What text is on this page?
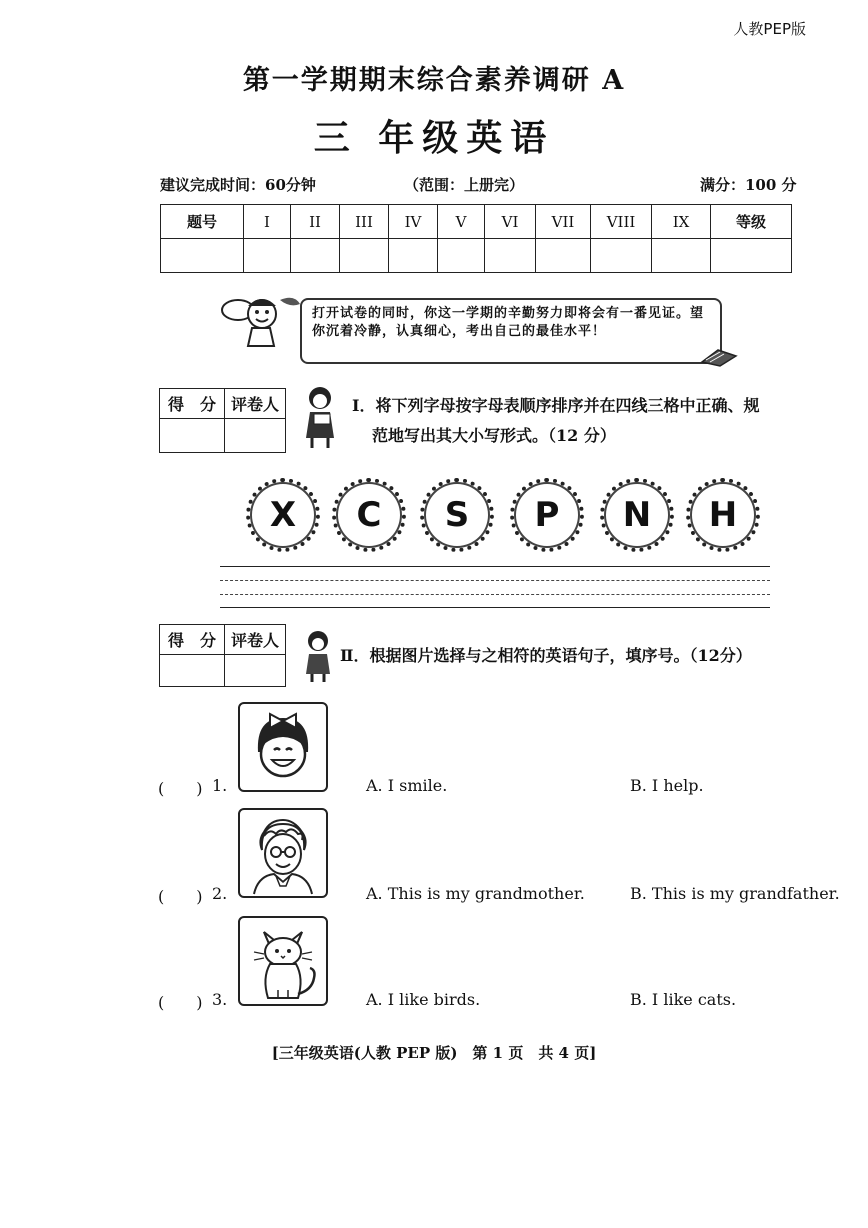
人教PEP版
第一学期期末综合素养调研 A
三 年级英语
建议完成时间：60分钟	（范围：上册完）	满分：100 分
题号	I	II	III	IV	V	VI	VII	VIII	IX	等级

打开试卷的同时，你这一学期的辛勤努力即将会有一番见证。望你沉着冷静，认真细心，考出自己的最佳水平！
得　分	评卷人
		Ⅰ．将下列字母按字母表顺序排序并在四线三格中正确、规
范地写出其大小写形式。（12 分）
X C S P N H
得　分	评卷人

Ⅱ．根据图片选择与之相符的英语句子，填序号。（12分）
(　　) 1.	A. I smile.	B. I help.
(　　) 2.	A. This is my grandmother.	B. This is my grandfather.
(　　) 3.	A. I like birds.	B. I like cats.
[三年级英语(人教 PEP 版)　第 1 页　共 4 页]
